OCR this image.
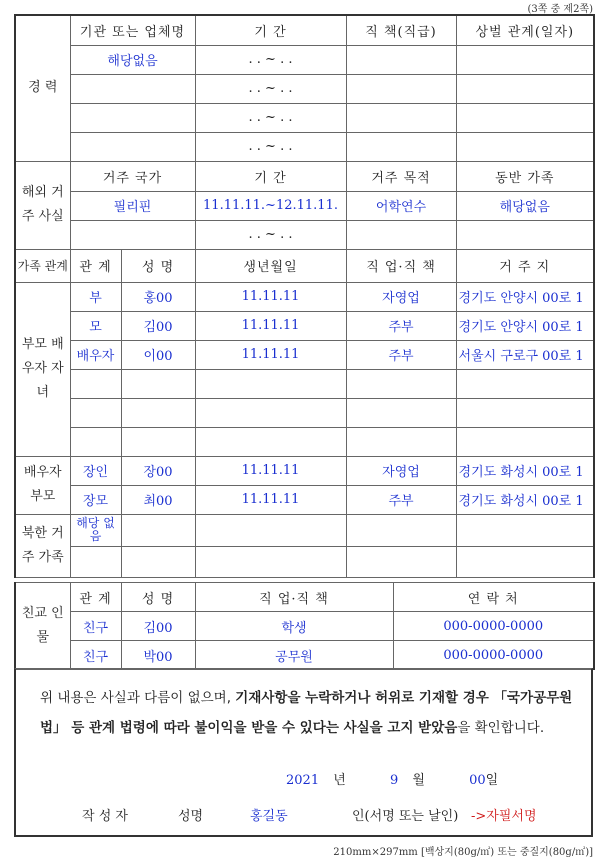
(3쪽 중 제2쪽)
경 력	기관 또는 업체명		기 간	직 책(직급)	상벌 관계(일자)
	해당없음		. . ~ . .		
			. . ~ . .		
			. . ~ . .		
			. . ~ . .		
해외 거주 사실	거주 국가		기 간	거주 목적	동반 가족
	필리핀		11.11.11.~12.11.11.	어학연수	해당없음
			. . ~ . .		
가족 관계	관 계	성 명	생년월일	직 업·직 책	거 주 지
부모 배우자 자녀	부	홍00	11.11.11	자영업	경기도 안양시 00로 1
	모	김00	11.11.11	주부	경기도 안양시 00로 1
	배우자	이00	11.11.11	주부	서울시 구로구 00로 1

배우자 부모	장인	장00	11.11.11	자영업	경기도 화성시 00로 1
	장모	최00	11.11.11	주부	경기도 화성시 00로 1
북한 거주 가족	해당 없음				

친교 인물	관 계	성 명	직 업·직 책	연 락 처
	친구	김00	학생	000-0000-0000
	친구	박00	공무원	000-0000-0000

위 내용은 사실과 다름이 없으며, 기재사항을 누락하거나 허위로 기재할 경우 「국가공무원법」 등 관계 법령에 따라 불이익을 받을 수 있다는 사실을 고지 받았음을 확인합니다.

2021 년	9 월	00일
작 성 자	성명	홍길동	인(서명 또는 날인) ->자필서명
210mm×297mm [백상지(80g/㎡) 또는 중질지(80g/㎡)]
